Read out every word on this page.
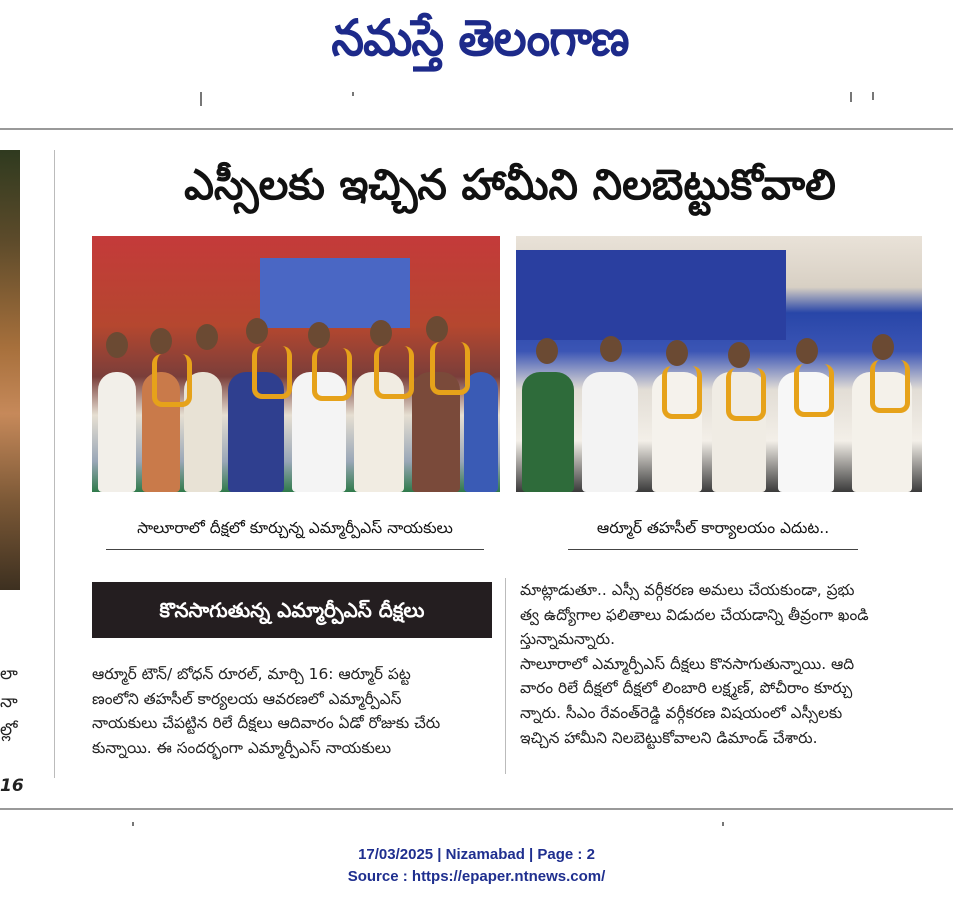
నమస్తే తెలంగాణ
లా
నా
ల్లో
16
ఎస్సీలకు ఇచ్చిన హామీని నిలబెట్టుకోవాలి
సాలూరాలో దీక్షలో కూర్చున్న ఎమ్మార్పీఎస్ నాయకులు	ఆర్మూర్ తహసీల్ కార్యాలయం ఎదుట..
కొనసాగుతున్న ఎమ్మార్పీఎస్ దీక్షలు

ఆర్మూర్ టౌన్/ బోధన్ రూరల్, మార్చి 16: ఆర్మూర్ పట్ట

ణంలోని తహసీల్ కార్యలయ ఆవరణలో ఎమ్మార్పీఎస్

నాయకులు చేపట్టిన రిలే దీక్షలు ఆదివారం ఏడో రోజుకు చేరు

కున్నాయి. ఈ సందర్భంగా ఎమ్మార్పీఎస్ నాయకులు

మాట్లాడుతూ.. ఎస్సీ వర్గీకరణ అమలు చేయకుండా, ప్రభు

త్వ ఉద్యోగాల ఫలితాలు విడుదల చేయడాన్ని తీవ్రంగా ఖండి

స్తున్నామన్నారు.

సాలూరాలో ఎమ్మార్పీఎస్ దీక్షలు కొనసాగుతున్నాయి. ఆది

వారం రిలే దీక్షలో దీక్షలో లింబారి లక్ష్మణ్, పోచీరాం కూర్చు

న్నారు. సీఎం రేవంత్‌రెడ్డి వర్గీకరణ విషయంలో ఎస్సీలకు

ఇచ్చిన హామీని నిలబెట్టుకోవాలని డిమాండ్ చేశారు.

17/03/2025 | Nizamabad | Page : 2
Source : https://epaper.ntnews.com/
